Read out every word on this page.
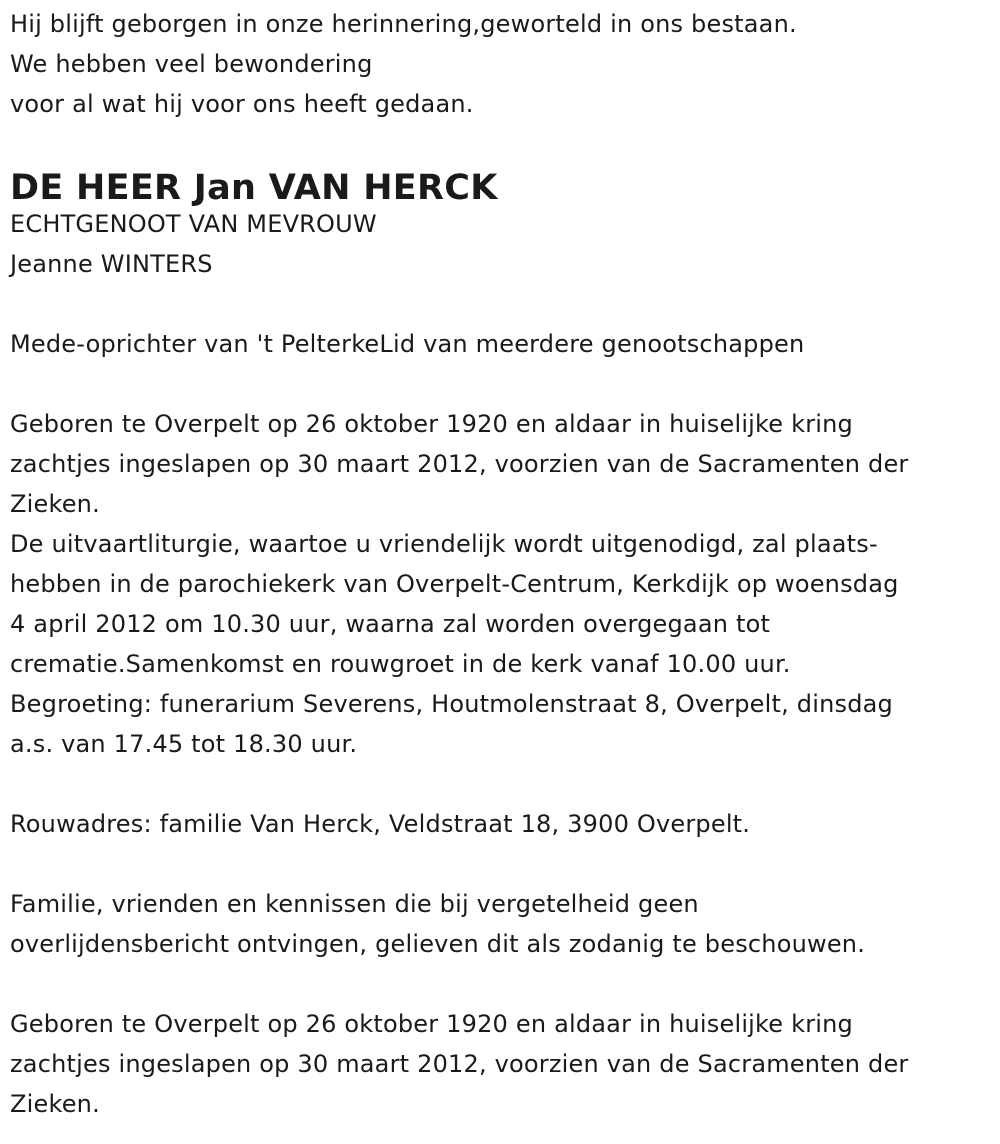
Hij blijft geborgen in onze herinnering,geworteld in ons bestaan.
We hebben veel bewondering
voor al wat hij voor ons heeft gedaan.
DE HEER Jan VAN HERCK
ECHTGENOOT VAN MEVROUW
Jeanne WINTERS
Mede-oprichter van 't PelterkeLid van meerdere genootschappen
Geboren te Overpelt op 26 oktober 1920 en aldaar in huiselijke kring
zachtjes ingeslapen op 30 maart 2012, voorzien van de Sacramenten der
Zieken.
De uitvaartliturgie, waartoe u vriendelijk wordt uitgenodigd, zal plaats-
hebben in de parochiekerk van Overpelt-Centrum, Kerkdijk op woensdag
4 april 2012 om 10.30 uur, waarna zal worden overgegaan tot
crematie.Samenkomst en rouwgroet in de kerk vanaf 10.00 uur.
Begroeting: funerarium Severens, Houtmolenstraat 8, Overpelt, dinsdag
a.s. van 17.45 tot 18.30 uur.
Rouwadres: familie Van Herck, Veldstraat 18, 3900 Overpelt.
Familie, vrienden en kennissen die bij vergetelheid geen
overlijdensbericht ontvingen, gelieven dit als zodanig te beschouwen.
Geboren te Overpelt op 26 oktober 1920 en aldaar in huiselijke kring
zachtjes ingeslapen op 30 maart 2012, voorzien van de Sacramenten der
Zieken.
